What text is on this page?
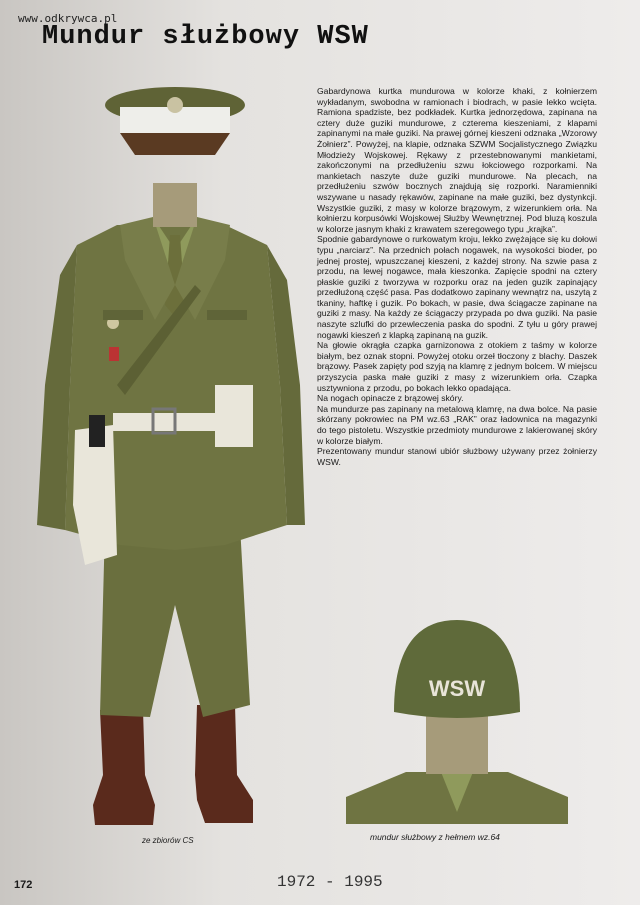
www.odkrywca.pl
Mundur służbowy WSW

Gabardynowa kurtka mundurowa w kolorze khaki, z kołnierzem wykładanym, swobodna w ramionach i biodrach, w pasie lekko wcięta. Ramiona spadziste, bez podkładek. Kurtka jednorzędowa, zapinana na cztery duże guziki mundurowe, z czterema kieszeniami, z klapami zapinanymi na małe guziki. Na prawej górnej kieszeni odznaka „Wzorowy Żołnierz”. Powyżej, na klapie, odznaka SZWM Socjalistycznego Związku Młodzieży Wojskowej. Rękawy z przestebnowanymi mankietami, zakończonymi na przedłużeniu szwu łokciowego rozporkami. Na mankietach naszyte duże guziki mundurowe. Na plecach, na przedłużeniu szwów bocznych znajdują się rozporki. Naramienniki wszywane u nasady rękawów, zapinane na małe guziki, bez dystynkcji. Wszystkie guziki, z masy w kolorze brązowym, z wizerunkiem orła. Na kołnierzu korpusówki Wojskowej Służby Wewnętrznej. Pod bluzą koszula w kolorze jasnym khaki z krawatem szeregowego typu „krajka”.

Spodnie gabardynowe o rurkowatym kroju, lekko zwężające się ku dołowi typu „narciarz”. Na przednich połach nogawek, na wysokości bioder, po jednej prostej, wpuszczanej kieszeni, z każdej strony. Na szwie pasa z przodu, na lewej nogawce, mała kieszonka. Zapięcie spodni na cztery płaskie guziki z tworzywa w rozporku oraz na jeden guzik zapinający przedłużoną część pasa. Pas dodatkowo zapinany wewnątrz na, uszytą z tkaniny, haftkę i guzik. Po bokach, w pasie, dwa ściągacze zapinane na guziki z masy. Na każdy ze ściągaczy przypada po dwa guziki. Na pasie naszyte szlufki do przewleczenia paska do spodni. Z tyłu u góry prawej nogawki kieszeń z klapką zapinaną na guzik.

Na głowie okrągła czapka garnizonowa z otokiem z taśmy w kolorze białym, bez oznak stopni. Powyżej otoku orzeł tłoczony z blachy. Daszek brązowy. Pasek zapięty pod szyją na klamrę z jednym bolcem. W miejscu przyszycia paska małe guziki z masy z wizerunkiem orła. Czapka usztywniona z przodu, po bokach lekko opadająca.

Na nogach opinacze z brązowej skóry.

Na mundurze pas zapinany na metalową klamrę, na dwa bolce. Na pasie skórzany pokrowiec na PM wz.63 „RAK” oraz ładownica na magazynki do tego pistoletu. Wszystkie przedmioty mundurowe z lakierowanej skóry w kolorze białym.

Prezentowany mundur stanowi ubiór służbowy używany przez żołnierzy WSW.

ze zbiorów CS
WSW
mundur służbowy z hełmem wz.64
172	1972 - 1995
